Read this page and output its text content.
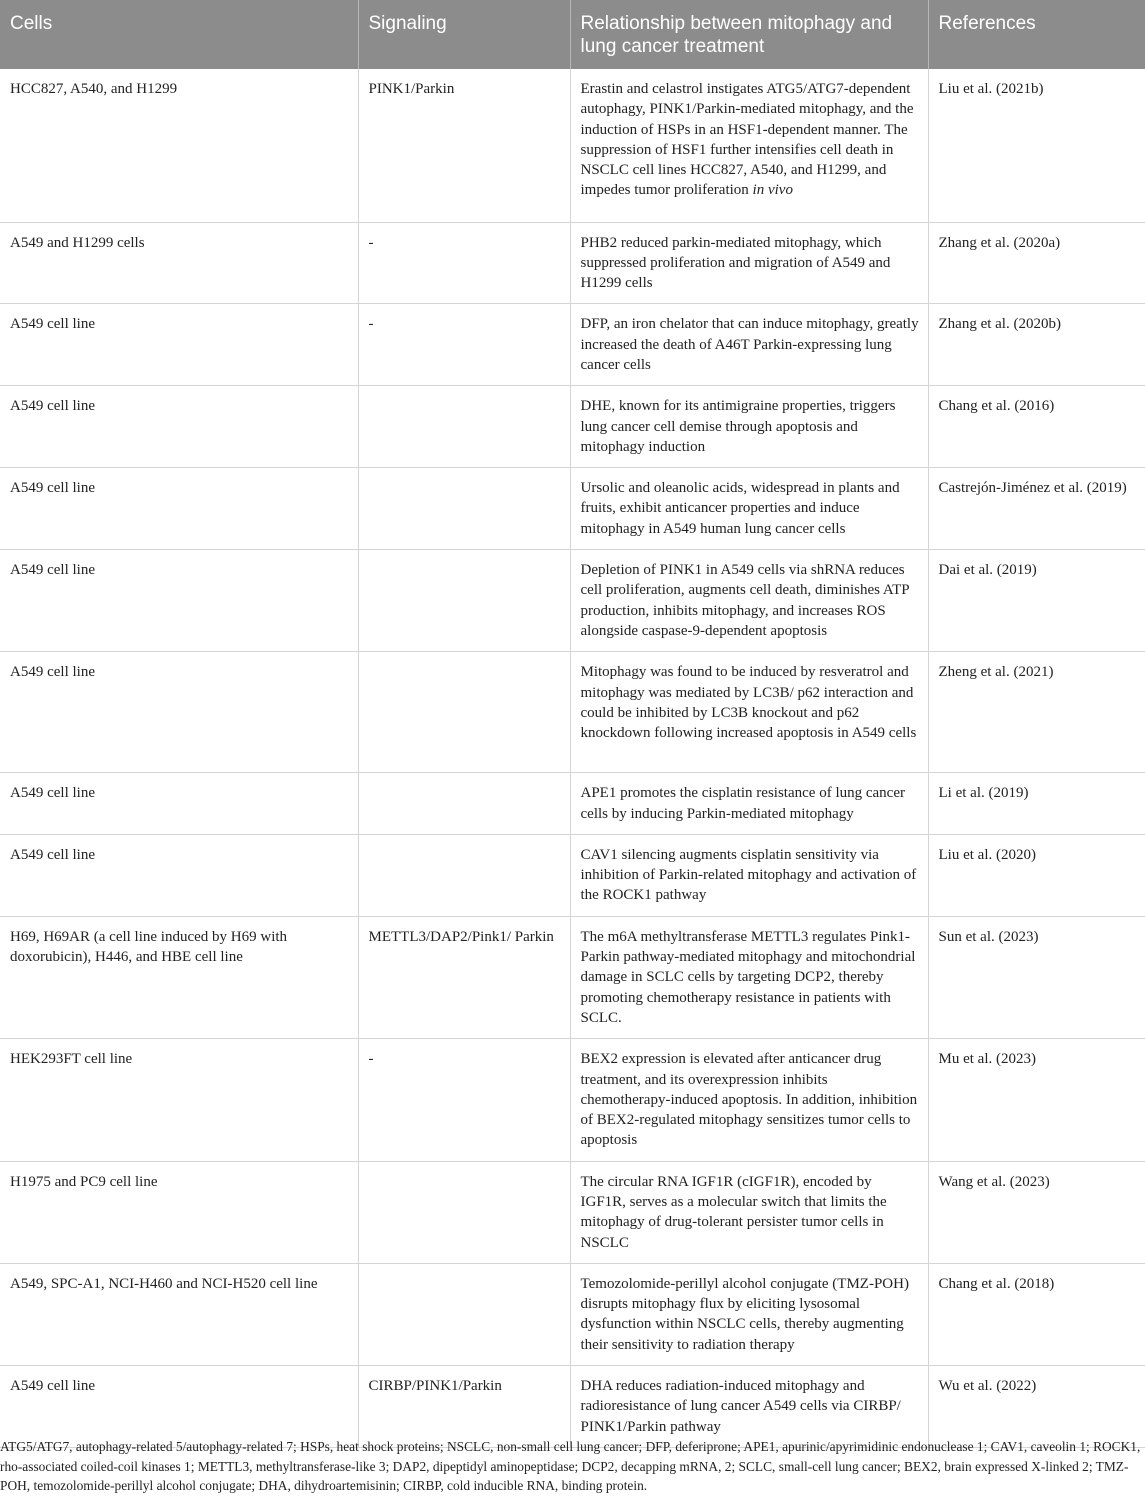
Cells	Signaling	Relationship between mitophagy and lung cancer treatment	References
HCC827, A540, and H1299	PINK1/Parkin	Erastin and celastrol instigates ATG5/ATG7-dependent autophagy, PINK1/Parkin-mediated mitophagy, and the induction of HSPs in an HSF1-dependent manner. The suppression of HSF1 further intensifies cell death in NSCLC cell lines HCC827, A540, and H1299, and impedes tumor proliferation in vivo	Liu et al. (2021b)
A549 and H1299 cells	-	PHB2 reduced parkin-mediated mitophagy, which suppressed proliferation and migration of A549 and H1299 cells	Zhang et al. (2020a)
A549 cell line	-	DFP, an iron chelator that can induce mitophagy, greatly increased the death of A46T Parkin-expressing lung cancer cells	Zhang et al. (2020b)
A549 cell line		DHE, known for its antimigraine properties, triggers lung cancer cell demise through apoptosis and mitophagy induction	Chang et al. (2016)
A549 cell line		Ursolic and oleanolic acids, widespread in plants and fruits, exhibit anticancer properties and induce mitophagy in A549 human lung cancer cells	Castrejón-Jiménez et al. (2019)
A549 cell line		Depletion of PINK1 in A549 cells via shRNA reduces cell proliferation, augments cell death, diminishes ATP production, inhibits mitophagy, and increases ROS alongside caspase-9-dependent apoptosis	Dai et al. (2019)
A549 cell line		Mitophagy was found to be induced by resveratrol and mitophagy was mediated by LC3B/ p62 interaction and could be inhibited by LC3B knockout and p62 knockdown following increased apoptosis in A549 cells	Zheng et al. (2021)
A549 cell line		APE1 promotes the cisplatin resistance of lung cancer cells by inducing Parkin-mediated mitophagy	Li et al. (2019)
A549 cell line		CAV1 silencing augments cisplatin sensitivity via inhibition of Parkin-related mitophagy and activation of the ROCK1 pathway	Liu et al. (2020)
H69, H69AR (a cell line induced by H69 with doxorubicin), H446, and HBE cell line	METTL3/DAP2/Pink1/ Parkin	The m6A methyltransferase METTL3 regulates Pink1-Parkin pathway-mediated mitophagy and mitochondrial damage in SCLC cells by targeting DCP2, thereby promoting chemotherapy resistance in patients with SCLC.	Sun et al. (2023)
HEK293FT cell line	-	BEX2 expression is elevated after anticancer drug treatment, and its overexpression inhibits chemotherapy-induced apoptosis. In addition, inhibition of BEX2-regulated mitophagy sensitizes tumor cells to apoptosis	Mu et al. (2023)
H1975 and PC9 cell line		The circular RNA IGF1R (cIGF1R), encoded by IGF1R, serves as a molecular switch that limits the mitophagy of drug-tolerant persister tumor cells in NSCLC	Wang et al. (2023)
A549, SPC-A1, NCI-H460 and NCI-H520 cell line		Temozolomide-perillyl alcohol conjugate (TMZ-POH) disrupts mitophagy flux by eliciting lysosomal dysfunction within NSCLC cells, thereby augmenting their sensitivity to radiation therapy	Chang et al. (2018)
A549 cell line	CIRBP/PINK1/Parkin	DHA reduces radiation-induced mitophagy and radioresistance of lung cancer A549 cells via CIRBP/ PINK1/Parkin pathway	Wu et al. (2022)
ATG5/ATG7, autophagy-related 5/autophagy-related 7; HSPs, heat shock proteins; NSCLC, non-small cell lung cancer; DFP, deferiprone; APE1, apurinic/apyrimidinic endonuclease 1; CAV1, caveolin 1; ROCK1, rho-associated coiled-coil kinases 1; METTL3, methyltransferase-like 3; DAP2, dipeptidyl aminopeptidase; DCP2, decapping mRNA, 2; SCLC, small-cell lung cancer; BEX2, brain expressed X-linked 2; TMZ-POH, temozolomide-perillyl alcohol conjugate; DHA, dihydroartemisinin; CIRBP, cold inducible RNA, binding protein.
